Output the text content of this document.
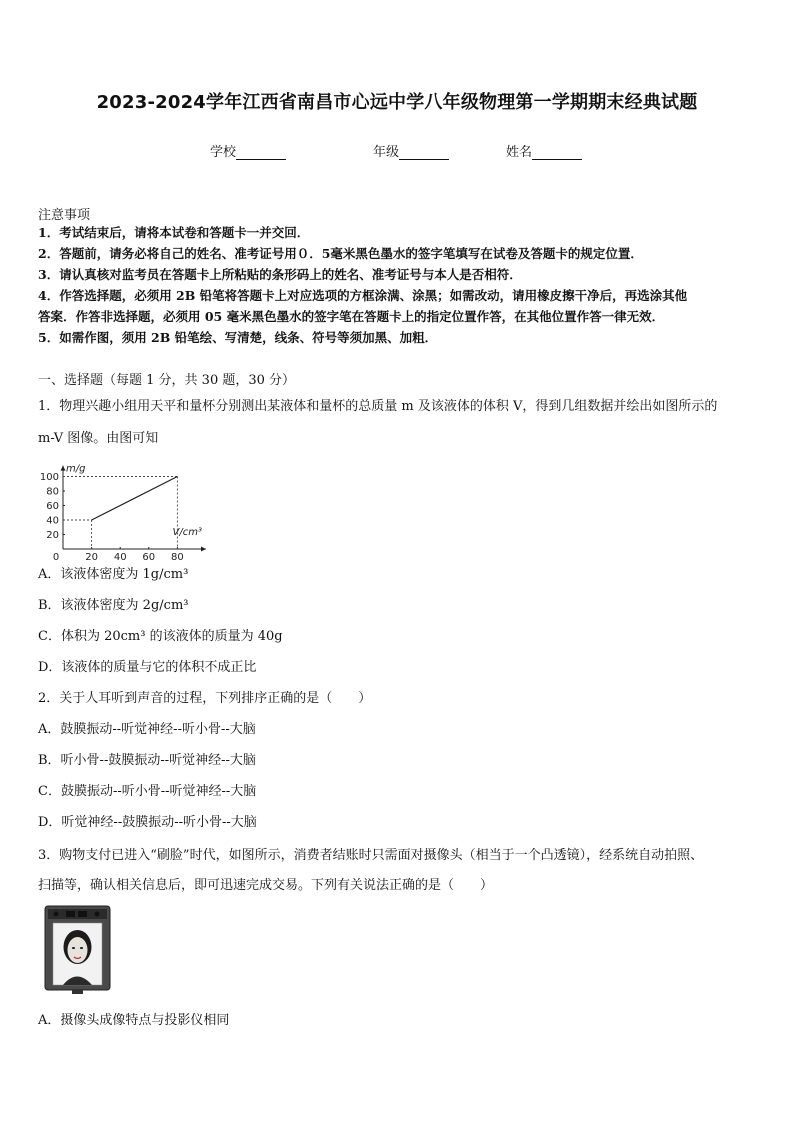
2023-2024学年江西省南昌市心远中学八年级物理第一学期期末经典试题
学校	年级	姓名
注意事项
1．考试结束后，请将本试卷和答题卡一并交回．
2．答题前，请务必将自己的姓名、准考证号用０．5毫米黑色墨水的签字笔填写在试卷及答题卡的规定位置．
3．请认真核对监考员在答题卡上所粘贴的条形码上的姓名、准考证号与本人是否相符．
4．作答选择题，必须用 2B 铅笔将答题卡上对应选项的方框涂满、涂黑；如需改动，请用橡皮擦干净后，再选涂其他
答案．作答非选择题，必须用 05 毫米黑色墨水的签字笔在答题卡上的指定位置作答，在其他位置作答一律无效．
5．如需作图，须用 2B 铅笔绘、写清楚，线条、符号等须加黑、加粗．
一、选择题（每题 1 分，共 30 题，30 分）
1．物理兴趣小组用天平和量杯分别测出某液体和量杯的总质量 m 及该液体的体积 V，得到几组数据并绘出如图所示的
m-V 图像。由图可知
0	20 40 60 80
20
40
60
80
100
m/g
V/cm³
A．该液体密度为 1g/cm³
B．该液体密度为 2g/cm³
C．体积为 20cm³ 的该液体的质量为 40g
D．该液体的质量与它的体积不成正比
2．关于人耳听到声音的过程，下列排序正确的是（　　）
A．鼓膜振动--听觉神经--听小骨--大脑
B．听小骨--鼓膜振动--听觉神经--大脑
C．鼓膜振动--听小骨--听觉神经--大脑
D．听觉神经--鼓膜振动--听小骨--大脑
3．购物支付已进入“刷脸”时代，如图所示，消费者结账时只需面对摄像头（相当于一个凸透镜），经系统自动拍照、
扫描等，确认相关信息后，即可迅速完成交易。下列有关说法正确的是（　　）
A．摄像头成像特点与投影仪相同
